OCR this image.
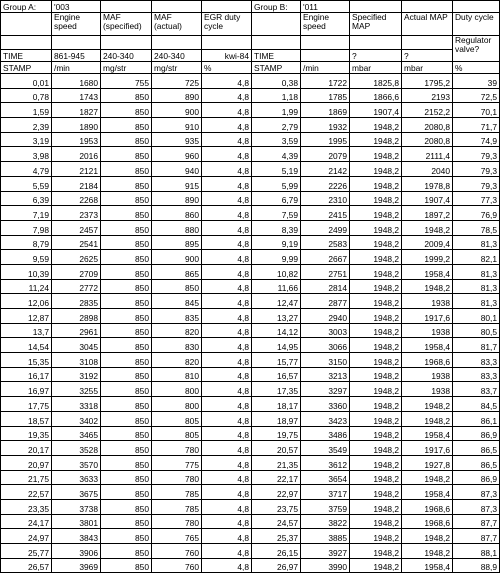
Group A:	'003				Group B:	'011			
	Engine speed	MAF (specified)	MAF (actual)	EGR duty cycle		Engine speed	Specified MAP	Actual MAP	Duty cycle
									Regulator valve?
TIME	861-945	240-340	240-340	kwi-84	TIME		?	?	
STAMP	/min	mg/str	mg/str	%	STAMP	/min	mbar	mbar	%
0,01	1680	755	725	4,8	0,38	1722	1825,8	1795,2	39
0,78	1743	850	890	4,8	1,18	1785	1866,6	2193	72,5
1,59	1827	850	900	4,8	1,99	1869	1907,4	2152,2	70,1
2,39	1890	850	910	4,8	2,79	1932	1948,2	2080,8	71,7
3,19	1953	850	935	4,8	3,59	1995	1948,2	2080,8	74,9
3,98	2016	850	960	4,8	4,39	2079	1948,2	2111,4	79,3
4,79	2121	850	940	4,8	5,19	2142	1948,2	2040	79,3
5,59	2184	850	915	4,8	5,99	2226	1948,2	1978,8	79,3
6,39	2268	850	890	4,8	6,79	2310	1948,2	1907,4	77,3
7,19	2373	850	860	4,8	7,59	2415	1948,2	1897,2	76,9
7,98	2457	850	880	4,8	8,39	2499	1948,2	1948,2	78,5
8,79	2541	850	895	4,8	9,19	2583	1948,2	2009,4	81,3
9,59	2625	850	900	4,8	9,99	2667	1948,2	1999,2	82,1
10,39	2709	850	865	4,8	10,82	2751	1948,2	1958,4	81,3
11,24	2772	850	850	4,8	11,66	2814	1948,2	1948,2	81,3
12,06	2835	850	845	4,8	12,47	2877	1948,2	1938	81,3
12,87	2898	850	835	4,8	13,27	2940	1948,2	1917,6	80,1
13,7	2961	850	820	4,8	14,12	3003	1948,2	1938	80,5
14,54	3045	850	830	4,8	14,95	3066	1948,2	1958,4	81,7
15,35	3108	850	820	4,8	15,77	3150	1948,2	1968,6	83,3
16,17	3192	850	810	4,8	16,57	3213	1948,2	1938	83,3
16,97	3255	850	800	4,8	17,35	3297	1948,2	1938	83,7
17,75	3318	850	800	4,8	18,17	3360	1948,2	1948,2	84,5
18,57	3402	850	805	4,8	18,97	3423	1948,2	1948,2	86,1
19,35	3465	850	805	4,8	19,75	3486	1948,2	1958,4	86,9
20,17	3528	850	780	4,8	20,57	3549	1948,2	1917,6	86,5
20,97	3570	850	775	4,8	21,35	3612	1948,2	1927,8	86,5
21,75	3633	850	780	4,8	22,17	3654	1948,2	1948,2	86,9
22,57	3675	850	785	4,8	22,97	3717	1948,2	1958,4	87,3
23,35	3738	850	785	4,8	23,75	3759	1948,2	1968,6	87,3
24,17	3801	850	780	4,8	24,57	3822	1948,2	1968,6	87,7
24,97	3843	850	765	4,8	25,37	3885	1948,2	1948,2	87,7
25,77	3906	850	760	4,8	26,15	3927	1948,2	1948,2	88,1
26,57	3969	850	760	4,8	26,97	3990	1948,2	1958,4	88,9
